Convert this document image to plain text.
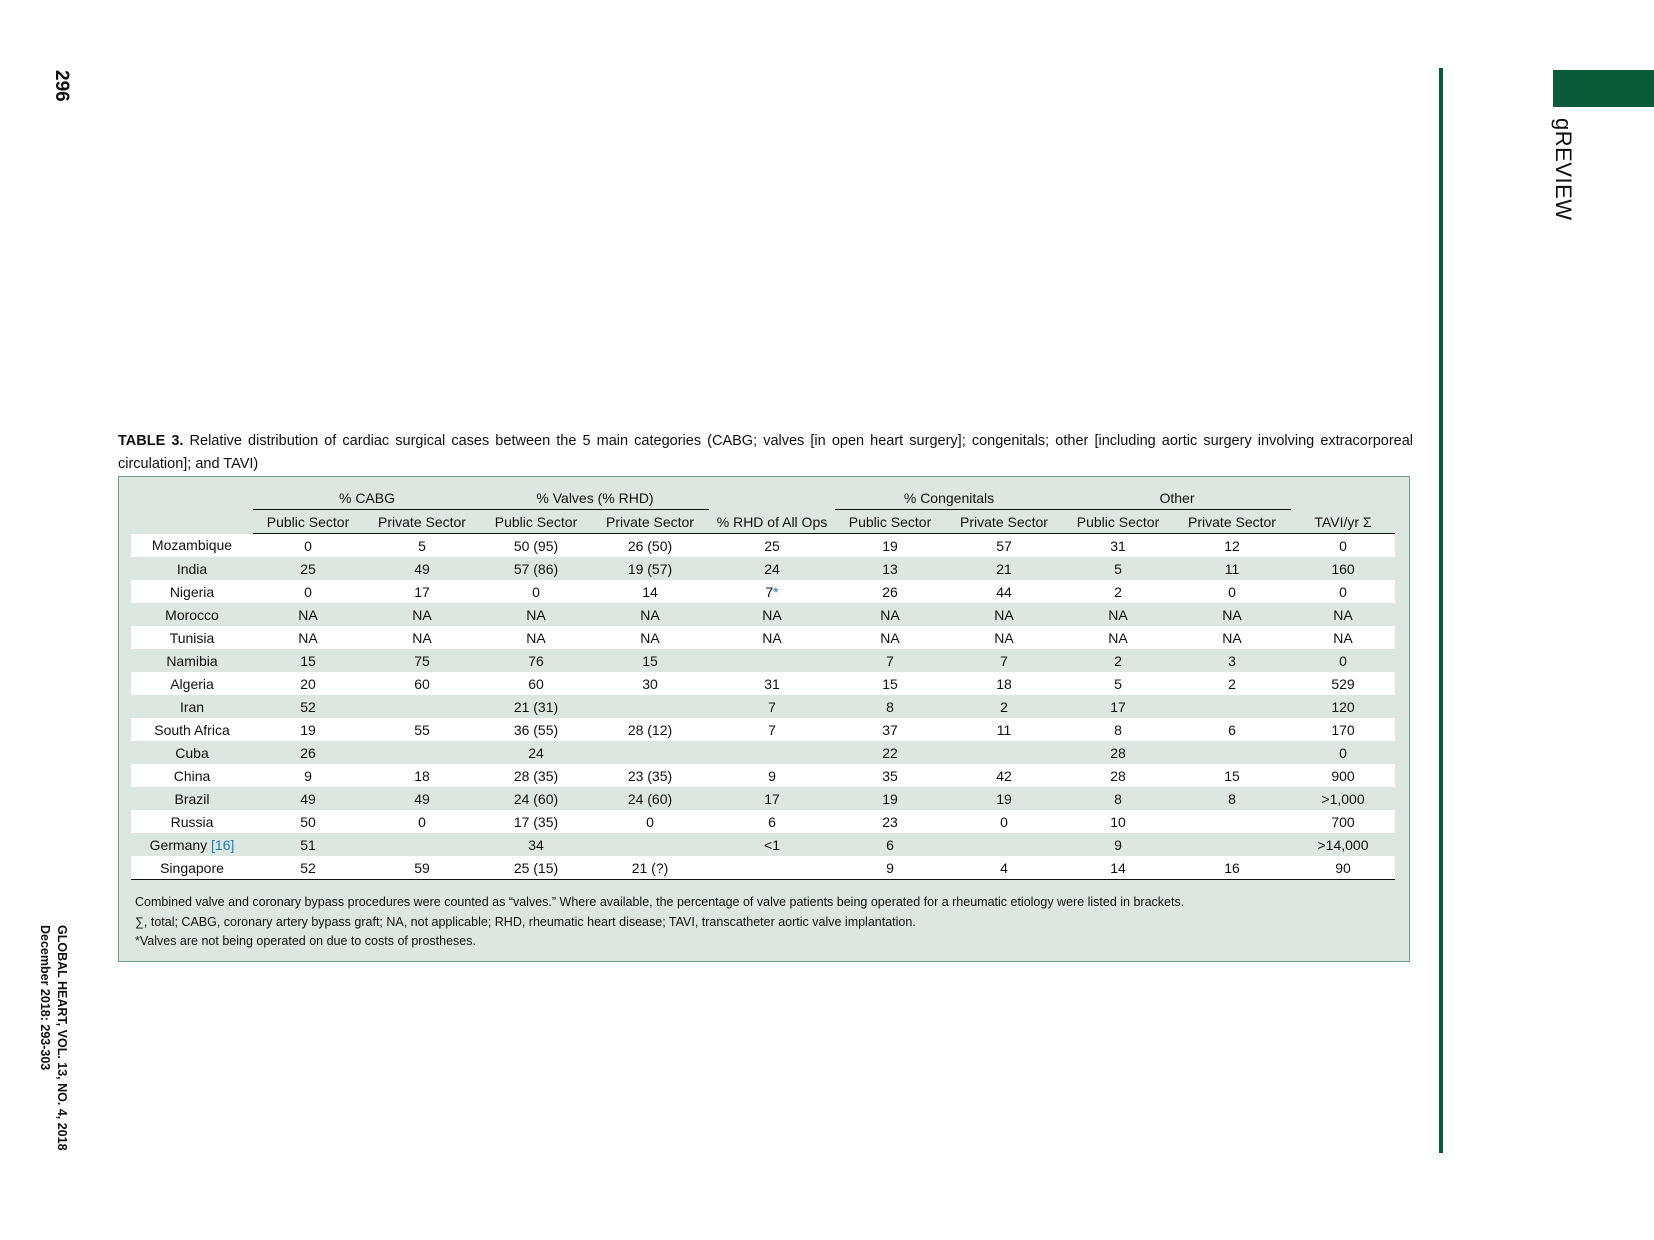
296
GLOBAL HEART, VOL. 13, NO. 4, 2018
December 2018: 293-303
gREVIEW
TABLE 3. Relative distribution of cardiac surgical cases between the 5 main categories (CABG; valves [in open heart surgery]; congenitals; other [including aortic surgery involving extracorporeal circulation]; and TAVI)
	% CABG		% Valves (% RHD)			% Congenitals		Other		
	Public Sector	Private Sector	Public Sector	Private Sector	% RHD of All Ops	Public Sector	Private Sector	Public Sector	Private Sector	TAVI/yr Σ
Mozambique	0	5	50 (95)	26 (50)	25	19	57	31	12	0
India	25	49	57 (86)	19 (57)	24	13	21	5	11	160
Nigeria	0	17	0	14	7*	26	44	2	0	0
Morocco	NA	NA	NA	NA	NA	NA	NA	NA	NA	NA
Tunisia	NA	NA	NA	NA	NA	NA	NA	NA	NA	NA
Namibia	15	75	76	15		7	7	2	3	0
Algeria	20	60	60	30	31	15	18	5	2	529
Iran	52		21 (31)		7	8	2	17		120
South Africa	19	55	36 (55)	28 (12)	7	37	11	8	6	170
Cuba	26		24			22		28		0
China	9	18	28 (35)	23 (35)	9	35	42	28	15	900
Brazil	49	49	24 (60)	24 (60)	17	19	19	8	8	>1,000
Russia	50	0	17 (35)	0	6	23	0	10		700
Germany [16]	51		34		<1	6		9		>14,000
Singapore	52	59	25 (15)	21 (?)		9	4	14	16	90
Combined valve and coronary bypass procedures were counted as “valves.” Where available, the percentage of valve patients being operated for a rheumatic etiology were listed in brackets.
∑, total; CABG, coronary artery bypass graft; NA, not applicable; RHD, rheumatic heart disease; TAVI, transcatheter aortic valve implantation.
*Valves are not being operated on due to costs of prostheses.
